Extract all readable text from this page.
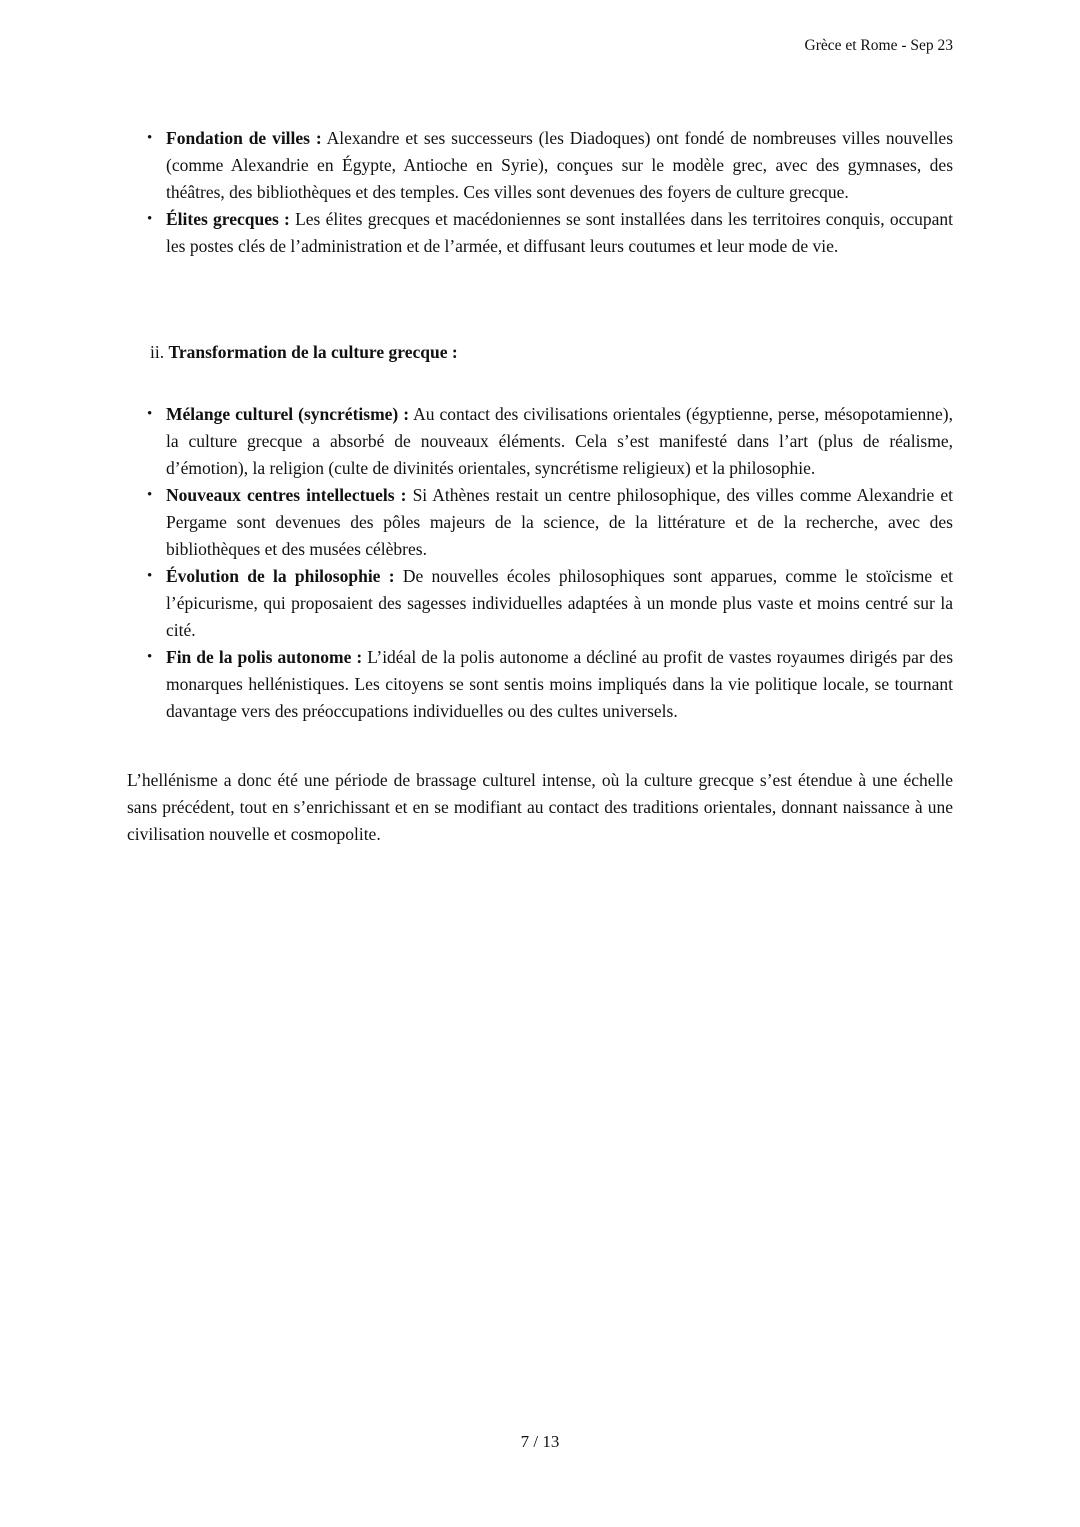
Grèce et Rome - Sep 23
• Fondation de villes : Alexandre et ses successeurs (les Diadoques) ont fondé de nombreuses villes nouvelles (comme Alexandrie en Égypte, Antioche en Syrie), conçues sur le modèle grec, avec des gymnases, des théâtres, des bibliothèques et des temples. Ces villes sont devenues des foyers de culture grecque.
• Élites grecques : Les élites grecques et macédoniennes se sont installées dans les territoires conquis, occupant les postes clés de l’administration et de l’armée, et diffusant leurs coutumes et leur mode de vie.
ii. Transformation de la culture grecque :
• Mélange culturel (syncrétisme) : Au contact des civilisations orientales (égyptienne, perse, mésopotamienne), la culture grecque a absorbé de nouveaux éléments. Cela s’est manifesté dans l’art (plus de réalisme, d’émotion), la religion (culte de divinités orientales, syncrétisme religieux) et la philosophie.
• Nouveaux centres intellectuels : Si Athènes restait un centre philosophique, des villes comme Alexandrie et Pergame sont devenues des pôles majeurs de la science, de la littérature et de la recherche, avec des bibliothèques et des musées célèbres.
• Évolution de la philosophie : De nouvelles écoles philosophiques sont apparues, comme le stoïcisme et l’épicurisme, qui proposaient des sagesses individuelles adaptées à un monde plus vaste et moins centré sur la cité.
• Fin de la polis autonome : L’idéal de la polis autonome a décliné au profit de vastes royaumes dirigés par des monarques hellénistiques. Les citoyens se sont sentis moins impliqués dans la vie politique locale, se tournant davantage vers des préoccupations individuelles ou des cultes universels.

L’hellénisme a donc été une période de brassage culturel intense, où la culture grecque s’est étendue à une échelle sans précédent, tout en s’enrichissant et en se modifiant au contact des traditions orientales, donnant naissance à une civilisation nouvelle et cosmopolite.

7 / 13
